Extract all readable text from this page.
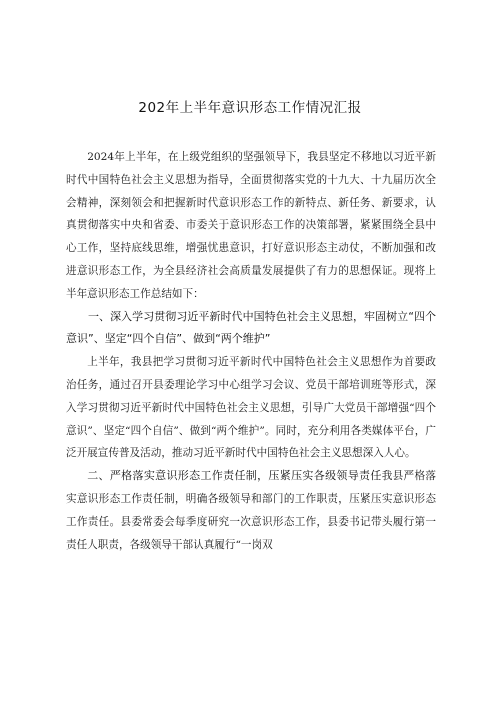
202年上半年意识形态工作情况汇报

2024年上半年，在上级党组织的坚强领导下，我县坚定不移地以习近平新时代中国特色社会主义思想为指导，全面贯彻落实党的十九大、十九届历次全会精神，深刻领会和把握新时代意识形态工作的新特点、新任务、新要求，认真贯彻落实中央和省委、市委关于意识形态工作的决策部署，紧紧围绕全县中心工作，坚持底线思维，增强忧患意识，打好意识形态主动仗，不断加强和改进意识形态工作，为全县经济社会高质量发展提供了有力的思想保证。现将上半年意识形态工作总结如下：

一、深入学习贯彻习近平新时代中国特色社会主义思想，牢固树立“四个意识”、坚定“四个自信”、做到“两个维护”

上半年，我县把学习贯彻习近平新时代中国特色社会主义思想作为首要政治任务，通过召开县委理论学习中心组学习会议、党员干部培训班等形式，深入学习贯彻习近平新时代中国特色社会主义思想，引导广大党员干部增强“四个意识”、坚定“四个自信”、做到“两个维护”。同时，充分利用各类媒体平台，广泛开展宣传普及活动，推动习近平新时代中国特色社会主义思想深入人心。

二、严格落实意识形态工作责任制，压紧压实各级领导责任我县严格落实意识形态工作责任制，明确各级领导和部门的工作职责，压紧压实意识形态工作责任。县委常委会每季度研究一次意识形态工作，县委书记带头履行第一责任人职责，各级领导干部认真履行“一岗双
